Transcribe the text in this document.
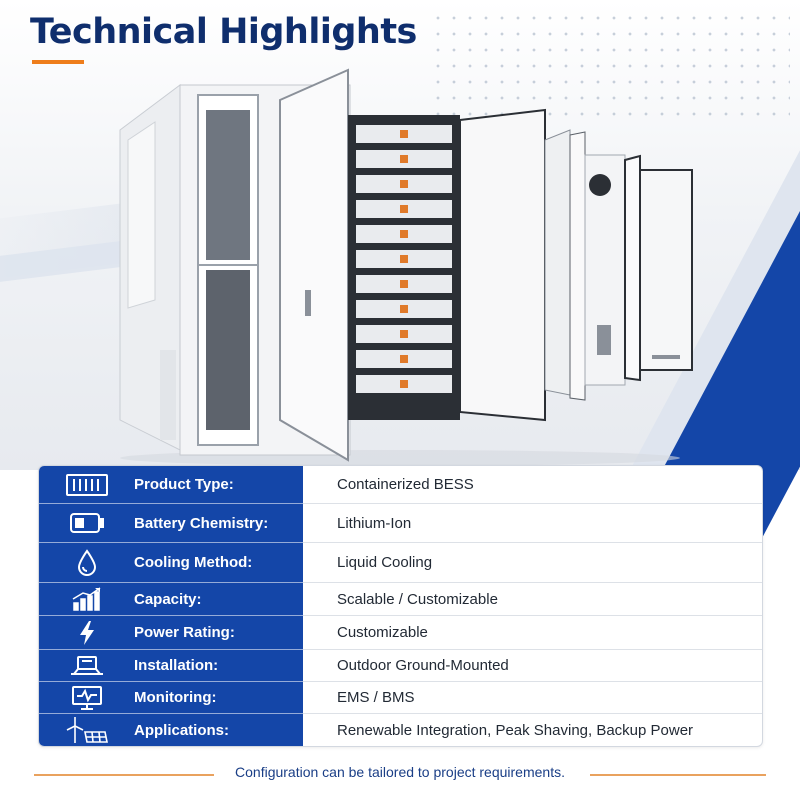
Technical Highlights
Product Type:	Containerized BESS
Battery Chemistry:	Lithium-Ion
Cooling Method:	Liquid Cooling
Capacity:	Scalable / Customizable
Power Rating:	Customizable
Installation:	Outdoor Ground-Mounted
Monitoring:	EMS / BMS
Applications:	Renewable Integration, Peak Shaving, Backup Power
Configuration can be tailored to project requirements.
